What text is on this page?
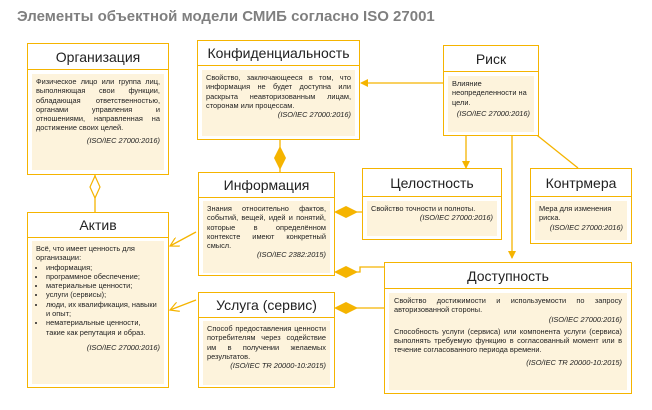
Элементы объектной модели СМИБ согласно ISO 27001
Организация
Физическое лицо или группа лиц, выполняющая свои функции, обладающая ответственностью, органами управления и отношениями, направленная на достижение своих целей.
(ISO/IEC 27000:2016)
Конфиденциальность
Свойство, заключающееся в том, что информация не будет доступна или раскрыта неавторизованным лицам, сторонам или процессам.
(ISO/IEC 27000:2016)
Риск
Влияние неопределенности на цели.
(ISO/IEC 27000:2016)
Информация
Знания относительно фактов, событий, вещей, идей и понятий, которые в определённом контексте имеют конкретный смысл.
(ISO/IEC 2382:2015)
Целостность
Свойство точности и полноты.
(ISO/IEC 27000:2016)
Контрмера
Мера для изменения риска.
(ISO/IEC 27000:2016)
Актив
Всё, что имеет ценность для организации:
• информация;
• программное обеспечение;
• материальные ценности;
• услуги (сервисы);
• люди, их квалификация, навыки и опыт;
• нематериальные ценности, такие как репутация и образ.
(ISO/IEC 27000:2016)
Доступность
Свойство достижимости и используемости по запросу авторизованной стороны.
(ISO/IEC 27000:2016)
Способность услуги (сервиса) или компонента услуги (сервиса) выполнять требуемую функцию в согласованный момент или в течение согласованного периода времени.
(ISO/IEC TR 20000-10:2015)
Услуга (сервис)
Способ предоставления ценности потребителям через содействие им в получении желаемых результатов.
(ISO/IEC TR 20000-10:2015)
